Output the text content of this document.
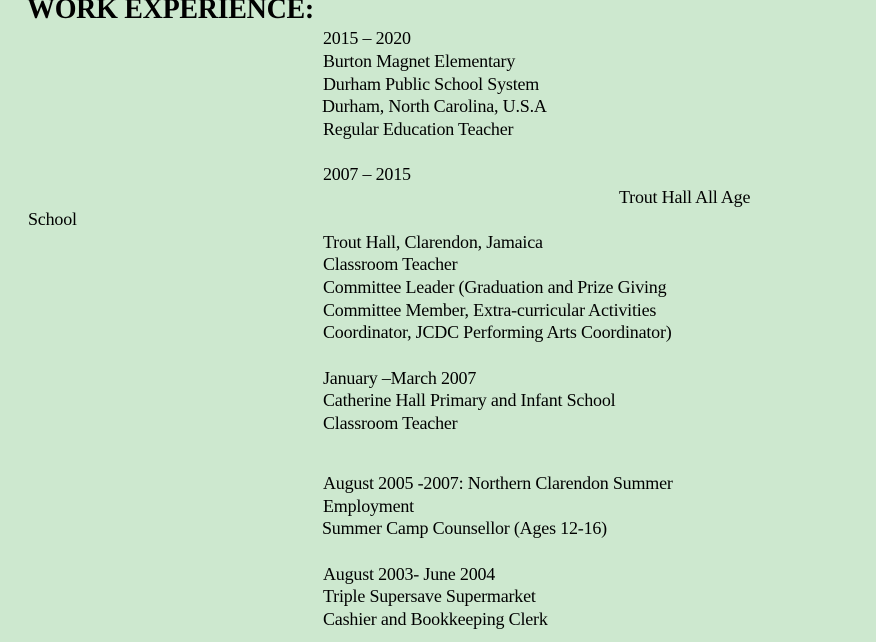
WORK EXPERIENCE:
2015 – 2020
Burton Magnet Elementary
Durham Public School System
Durham, North Carolina, U.S.A
Regular Education Teacher
2007 – 2015
Trout Hall All Age
School
Trout Hall, Clarendon, Jamaica
Classroom Teacher
Committee Leader (Graduation and Prize Giving
Committee Member, Extra-curricular Activities
Coordinator, JCDC Performing Arts Coordinator)
January –March 2007
Catherine Hall Primary and Infant School
Classroom Teacher
August 2005 -2007: Northern Clarendon Summer
Employment
Summer Camp Counsellor (Ages 12-16)
August 2003- June 2004
Triple Supersave Supermarket
Cashier and Bookkeeping Clerk
